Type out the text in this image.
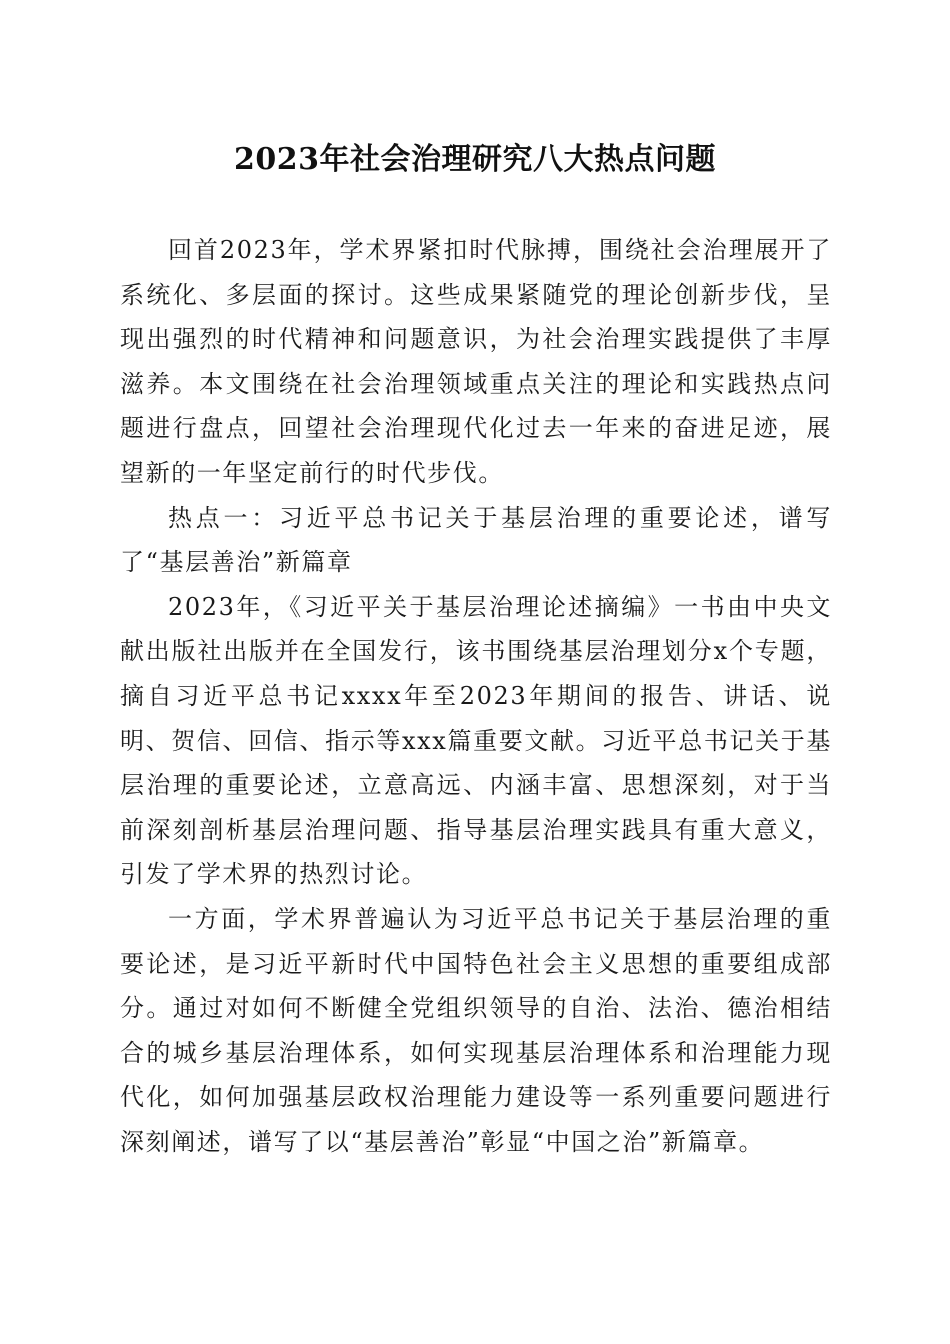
2023年社会治理研究八大热点问题

回首2023年，学术界紧扣时代脉搏，围绕社会治理展开了系统化、多层面的探讨。这些成果紧随党的理论创新步伐，呈现出强烈的时代精神和问题意识，为社会治理实践提供了丰厚滋养。本文围绕在社会治理领域重点关注的理论和实践热点问题进行盘点，回望社会治理现代化过去一年来的奋进足迹，展望新的一年坚定前行的时代步伐。

热点一：习近平总书记关于基层治理的重要论述，谱写了“基层善治”新篇章

2023年，《习近平关于基层治理论述摘编》一书由中央文献出版社出版并在全国发行，该书围绕基层治理划分x个专题，摘自习近平总书记xxxx年至2023年期间的报告、讲话、说明、贺信、回信、指示等xxx篇重要文献。习近平总书记关于基层治理的重要论述，立意高远、内涵丰富、思想深刻，对于当前深刻剖析基层治理问题、指导基层治理实践具有重大意义，引发了学术界的热烈讨论。

一方面，学术界普遍认为习近平总书记关于基层治理的重要论述，是习近平新时代中国特色社会主义思想的重要组成部分。通过对如何不断健全党组织领导的自治、法治、德治相结合的城乡基层治理体系，如何实现基层治理体系和治理能力现代化，如何加强基层政权治理能力建设等一系列重要问题进行深刻阐述，谱写了以“基层善治”彰显“中国之治”新篇章。
